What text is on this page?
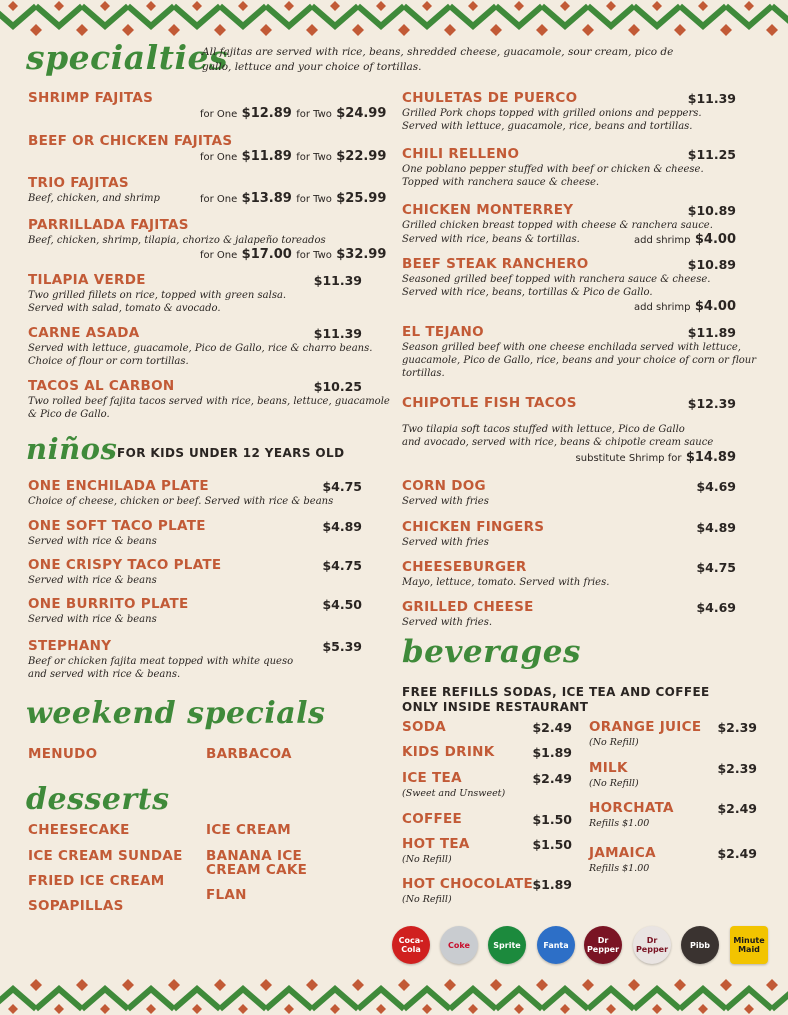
specialties
All fajitas are served with rice, beans, shredded cheese, guacamole, sour cream, pico de gallo, lettuce and your choice of tortillas.
SHRIMP FAJITAS
for One $12.89 for Two $24.99
BEEF OR CHICKEN FAJITAS
for One $11.89 for Two $22.99
TRIO FAJITAS
Beef, chicken, and shrimp	for One $13.89 for Two $25.99
PARRILLADA FAJITAS
Beef, chicken, shrimp, tilapia, chorizo & jalapeño toreados
for One $17.00 for Two $32.99
TILAPIA VERDE	$11.39
Two grilled fillets on rice, topped with green salsa.
Served with salad, tomato & avocado.
CARNE ASADA	$11.39
Served with lettuce, guacamole, Pico de Gallo, rice & charro beans.
Choice of flour or corn tortillas.
TACOS AL CARBON	$10.25
Two rolled beef fajita tacos served with rice, beans, lettuce, guacamole
& Pico de Gallo.
CHULETAS DE PUERCO	$11.39
Grilled Pork chops topped with grilled onions and peppers.
Served with lettuce, guacamole, rice, beans and tortillas.
CHILI RELLENO	$11.25
One poblano pepper stuffed with beef or chicken & cheese.
Topped with ranchera sauce & cheese.
CHICKEN MONTERREY	$10.89
Grilled chicken breast topped with cheese & ranchera sauce.
Served with rice, beans & tortillas.	add shrimp $4.00
BEEF STEAK RANCHERO	$10.89
Seasoned grilled beef topped with ranchera sauce & cheese.
Served with rice, beans, tortillas & Pico de Gallo.
add shrimp $4.00
EL TEJANO	$11.89
Season grilled beef with one cheese enchilada served with lettuce,
guacamole, Pico de Gallo, rice, beans and your choice of corn or flour
tortillas.
CHIPOTLE FISH TACOS	$12.39
Two tilapia soft tacos stuffed with lettuce, Pico de Gallo
and avocado, served with rice, beans & chipotle cream sauce
substitute Shrimp for $14.89
niños FOR KIDS UNDER 12 YEARS OLD
ONE ENCHILADA PLATE	$4.75
Choice of cheese, chicken or beef. Served with rice & beans
ONE SOFT TACO PLATE	$4.89
Served with rice & beans
ONE CRISPY TACO PLATE	$4.75
Served with rice & beans
ONE BURRITO PLATE	$4.50
Served with rice & beans
STEPHANY	$5.39
Beef or chicken fajita meat topped with white queso
and served with rice & beans.
CORN DOG	$4.69
Served with fries
CHICKEN FINGERS	$4.89
Served with fries
CHEESEBURGER	$4.75
Mayo, lettuce, tomato. Served with fries.
GRILLED CHEESE	$4.69
Served with fries.
weekend specials
MENUDO	BARBACOA
desserts
CHEESECAKE
ICE CREAM SUNDAE
FRIED ICE CREAM
SOPAPILLAS
ICE CREAM
BANANA ICE
CREAM CAKE
FLAN
beverages
FREE REFILLS SODAS, ICE TEA AND COFFEE
ONLY INSIDE RESTAURANT
SODA	$2.49
KIDS DRINK	$1.89
ICE TEA	$2.49
(Sweet and Unsweet)
COFFEE	$1.50
HOT TEA	$1.50
(No Refill)
HOT CHOCOLATE $1.89
(No Refill)
ORANGE JUICE	$2.39
(No Refill)
MILK	$2.39
(No Refill)
HORCHATA	$2.49
Refills $1.00
JAMAICA	$2.49
Refills $1.00
Coca-Cola	Coke	Sprite	Fanta	Dr Pepper
Dr Pepper	Pibb	Minute Maid
